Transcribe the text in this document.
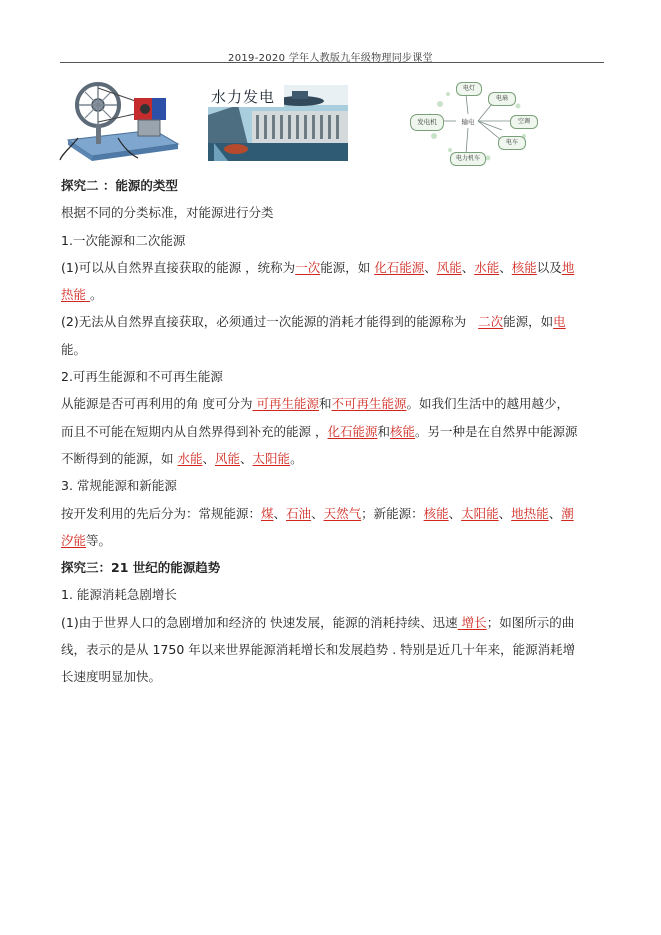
2019-2020 学年人教版九年级物理同步课堂
水力发电
发电机	输电
电灯
电扇
空调
电车
电力机车

探究二 ：能源的类型

根据不同的分类标准，对能源进行分类

1.一次能源和二次能源

(1)可以从自然界直接获取的能源 ，统称为一次能源，如 化石能源、风能、水能、核能以及地
热能 。

(2)无法从自然界直接获取，必须通过一次能源的消耗才能得到的能源称为 二次能源，如电
能。

2.可再生能源和不可再生能源

从能源是否可再利用的角 度可分为 可再生能源和不可再生能源。如我们生活中的越用越少，
而且不可能在短期内从自然界得到补充的能源 ，化石能源和核能。另一种是在自然界中能源源
不断得到的能源，如 水能、风能、太阳能。

3. 常规能源和新能源

按开发利用的先后分为：常规能源：煤、石油、天然气；新能源：核能、太阳能、地热能、潮
汐能等。

探究三：21 世纪的能源趋势

1. 能源消耗急剧增长

(1)由于世界人口的急剧增加和经济的 快速发展，能源的消耗持续、迅速 增长；如图所示的曲
线，表示的是从 1750 年以来世界能源消耗增长和发展趋势 . 特别是近几十年来，能源消耗增
长速度明显加快。
